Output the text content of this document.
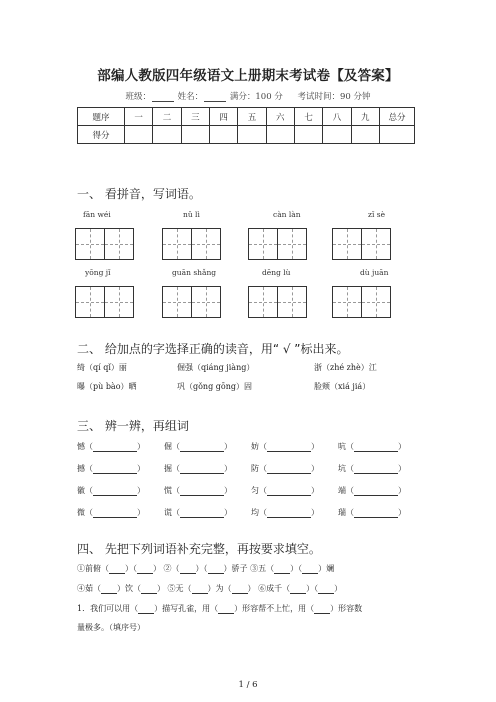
部编人教版四年级语文上册期末考试卷【及答案】
班级：	姓名：	满分：100 分 考试时间：90 分钟
题序	一	二	三	四	五	六	七	八	九	总分
得分										
一、 看拼音，写词语。
fān wéi	nǔ lì	càn làn	zǐ sè
yōng jǐ	guān shǎng	dēng lù	dù juān
二、 给加点的字选择正确的读音，用“ √ ”标出来。
绮（qí qǐ）丽	倔强（qiáng jiàng）	浙（zhé zhè）江
曝（pù bào）晒	巩（gǒng gōng）固	脸颊（xiá jiá）
三、 辨一辨，再组词
憾（	） 倔（	） 妨（	） 吭（	）
撼（	） 掘（	） 防（	） 坑（	）
徽（	） 慌（	） 匀（	） 端（	）
微（	） 谎（	） 均（	） 瑞（	）
四、 先把下列词语补充完整，再按要求填空。
①前俯（ ）（ ） ②（ ）（ ）骄子 ③五（ ）（ ）斓
④茹（ ）饮（ ） ⑤无（ ）为（ ） ⑥成千（ ）（ ）
1．我们可以用（ ）描写孔雀，用（ ）形容帮不上忙，用（ ）形容数
量极多。（填序号）
1 / 6
